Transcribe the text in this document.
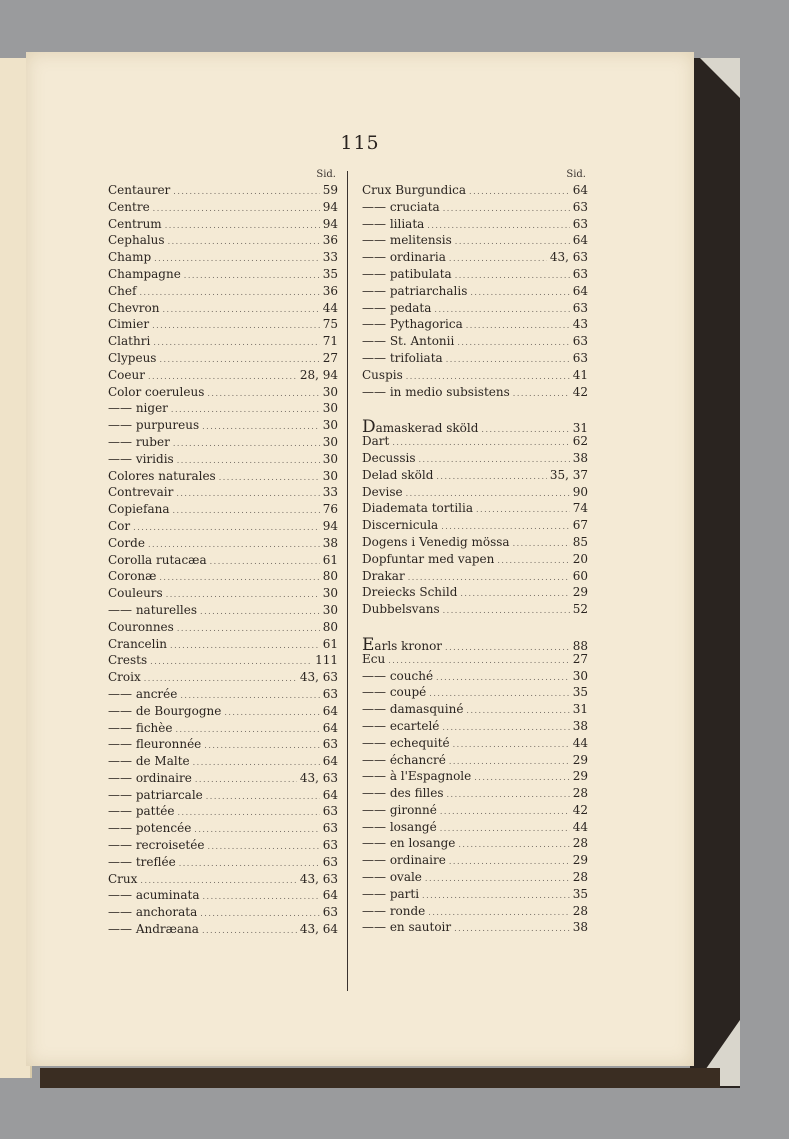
115
Sid.
Centaurer .....	59
Centre .....	94
Centrum .....	94
Cephalus .....	36
Champ .....	33
Champagne .....	35
Chef .....	36
Chevron .....	44
Cimier .....	75
Clathri .....	71
Clypeus .....	27
Coeur .....	28, 94
Color coeruleus .....	30
—— niger .....	30
—— purpureus .....	30
—— ruber .....	30
—— viridis .....	30
Colores naturales .....	30
Contrevair .....	33
Copiefana .....	76
Cor .....	94
Corde .....	38
Corolla rutacæa .....	61
Coronæ .....	80
Couleurs .....	30
—— naturelles .....	30
Couronnes .....	80
Crancelin .....	61
Crests .....	111
Croix .....	43, 63
—— ancrée .....	63
—— de Bourgogne .....	64
—— fichèe .....	64
—— fleuronnée .....	63
—— de Malte .....	64
—— ordinaire .....	43, 63
—— patriarcale .....	64
—— pattée .....	63
—— potencée .....	63
—— recroisetée .....	63
—— treflée .....	63
Crux .....	43, 63
—— acuminata .....	64
—— anchorata .....	63
—— Andræana .....	43, 64
Sid.
Crux Burgundica .....	64
—— cruciata .....	63
—— liliata .....	63
—— melitensis .....	64
—— ordinaria .....	43, 63
—— patibulata .....	63
—— patriarchalis .....	64
—— pedata .....	63
—— Pythagorica .....	43
—— St. Antonii .....	63
—— trifoliata .....	63
Cuspis .....	41
—— in medio subsistens .....	42
Damaskerad sköld .....	31
Dart .....	62
Decussis .....	38
Delad sköld .....	35, 37
Devise .....	90
Diademata tortilia .....	74
Discernicula .....	67
Dogens i Venedig mössa .....	85
Dopfuntar med vapen .....	20
Drakar .....	60
Dreiecks Schild .....	29
Dubbelsvans .....	52
Earls kronor .....	88
Ecu .....	27
—— couché .....	30
—— coupé .....	35
—— damasquiné .....	31
—— ecartelé .....	38
—— echequité .....	44
—— échancré .....	29
—— à l'Espagnole .....	29
—— des filles .....	28
—— gironné .....	42
—— losangé .....	44
—— en losange .....	28
—— ordinaire .....	29
—— ovale .....	28
—— parti .....	35
—— ronde .....	28
—— en sautoir .....	38
